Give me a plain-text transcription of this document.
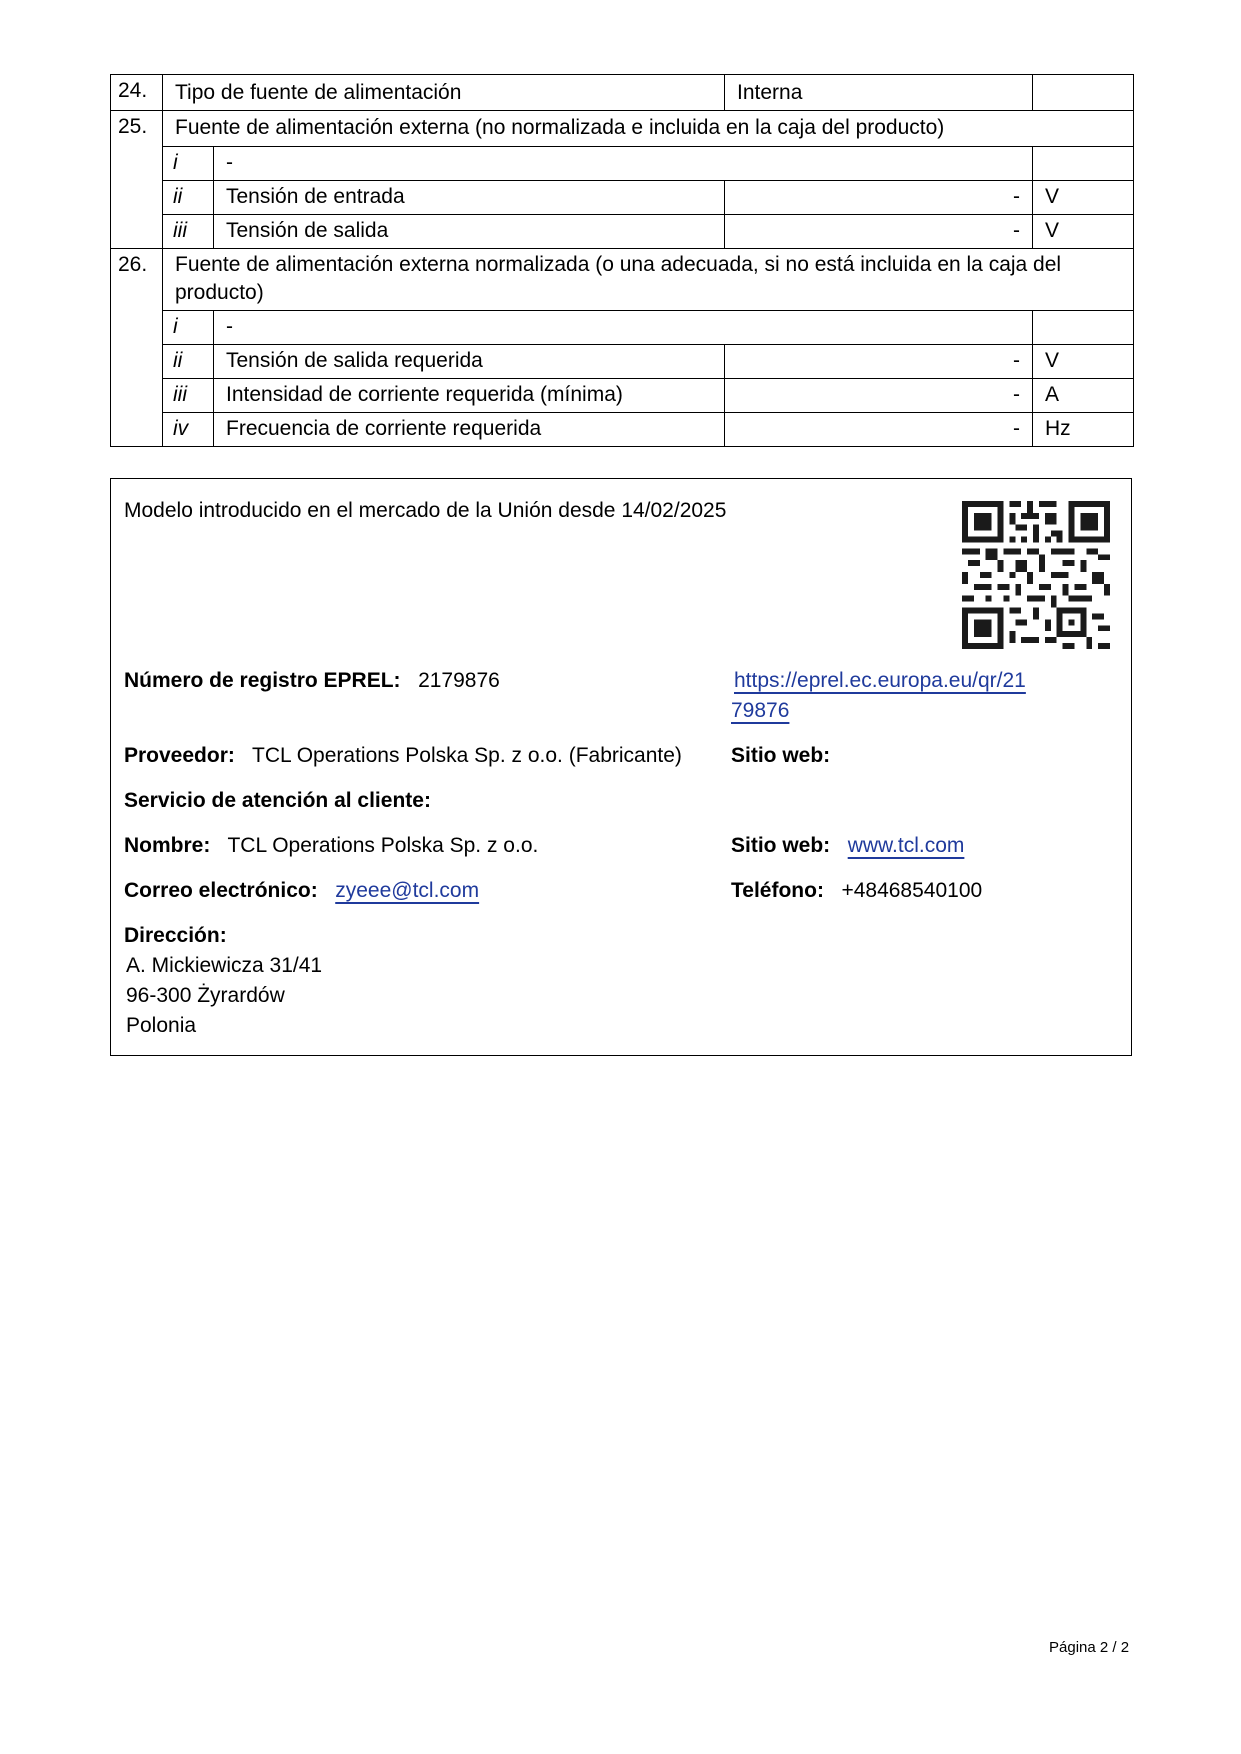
24.	Tipo de fuente de alimentación		Interna	
25.	Fuente de alimentación externa (no normalizada e incluida en la caja del producto)			
	i	-		
	ii	Tensión de entrada	-	V
	iii	Tensión de salida	-	V
26.	Fuente de alimentación externa normalizada (o una adecuada, si no está incluida en la caja del producto)			
	i	-		
	ii	Tensión de salida requerida	-	V
	iii	Intensidad de corriente requerida (mínima)	-	A
	iv	Frecuencia de corriente requerida	-	Hz
Modelo introducido en el mercado de la Unión desde 14/02/2025
Número de registro EPREL: 2179876	https://eprel.ec.europa.eu/qr/21
79876
Proveedor: TCL Operations Polska Sp. z o.o. (Fabricante) Sitio web:
Servicio de atención al cliente:
Nombre: TCL Operations Polska Sp. z o.o.	Sitio web: www.tcl.com
Correo electrónico: zyeee@tcl.com	Teléfono: +48468540100
Dirección:
A. Mickiewicza 31/41
96-300 Żyrardów
Polonia
Página 2 / 2
